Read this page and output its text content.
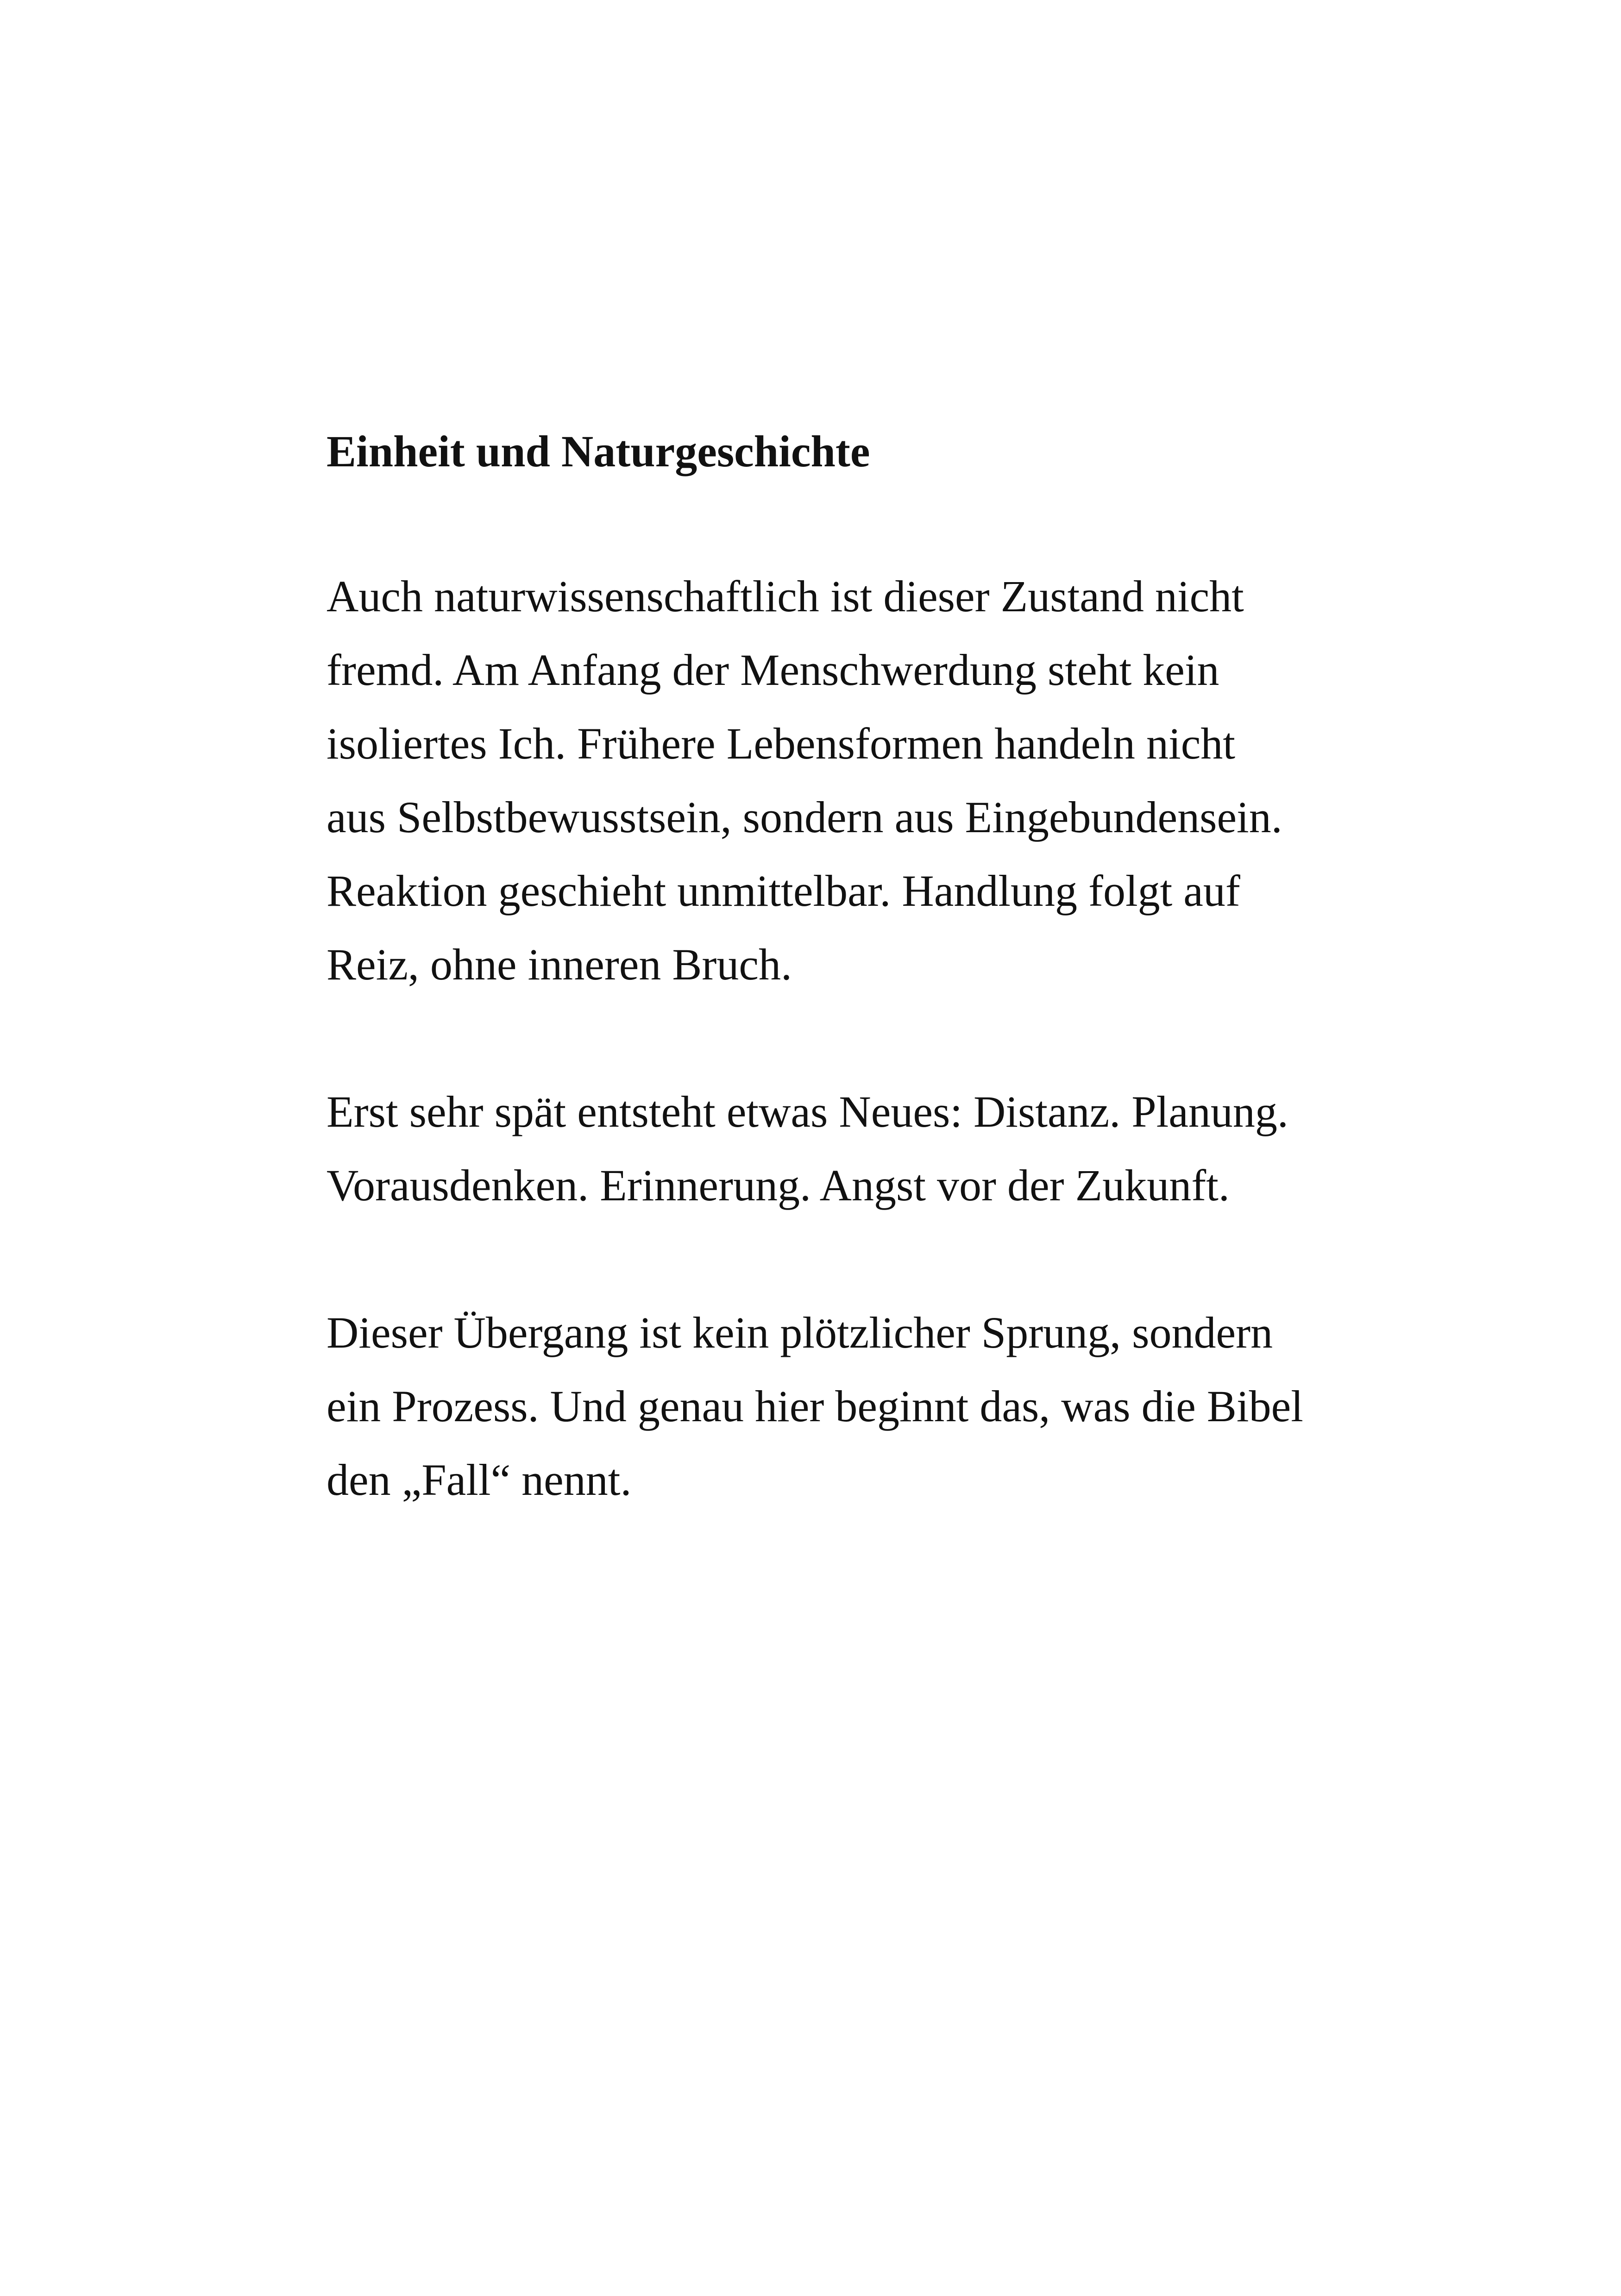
Einheit und Naturgeschichte

Auch naturwissenschaftlich ist dieser Zustand nicht
fremd. Am Anfang der Menschwerdung steht kein
isoliertes Ich. Frühere Lebensformen handeln nicht
aus Selbstbewusstsein, sondern aus Eingebundensein.
Reaktion geschieht unmittelbar. Handlung folgt auf
Reiz, ohne inneren Bruch.

Erst sehr spät entsteht etwas Neues: Distanz. Planung.
Vorausdenken. Erinnerung. Angst vor der Zukunft.

Dieser Übergang ist kein plötzlicher Sprung, sondern
ein Prozess. Und genau hier beginnt das, was die Bibel
den „Fall“ nennt.
